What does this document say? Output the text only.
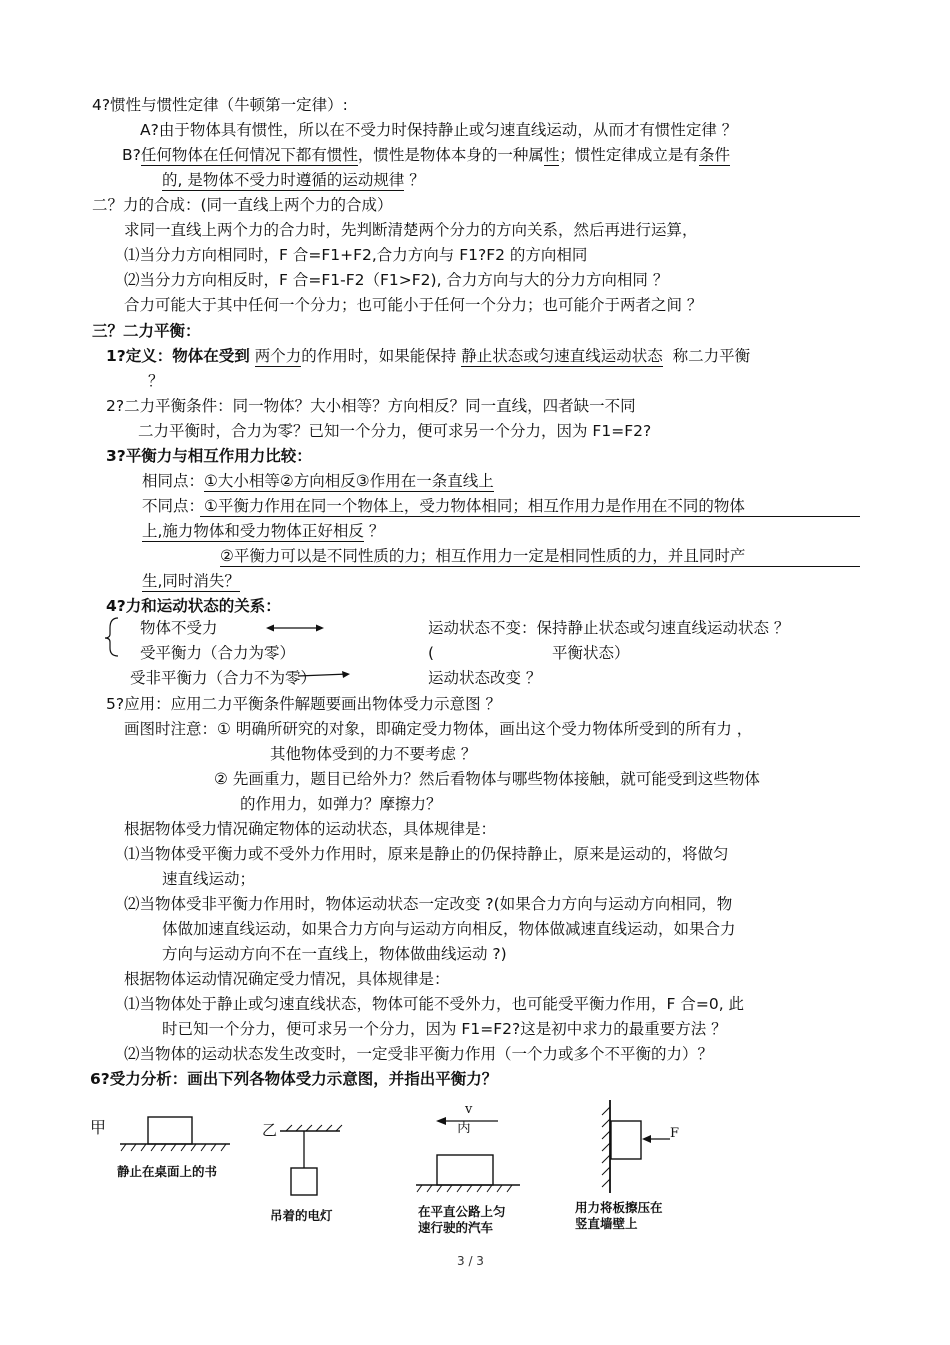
4?惯性与惯性定律（牛顿第一定律）:
A?由于物体具有惯性，所以在不受力时保持静止或匀速直线运动，从而才有惯性定律 ？
B?任何物体在任何情况下都有惯性，惯性是物体本身的一种属性；惯性定律成立是有条件
的, 是物体不受力时遵循的运动规律 ？
二？力的合成：(同一直线上两个力的合成）
求同一直线上两个力的合力时，先判断清楚两个分力的方向关系，然后再进行运算，
⑴当分力方向相同时，F 合=F1+F2,合力方向与 F1?F2 的方向相同
⑵当分力方向相反时，F 合=F1-F2（F1>F2), 合力方向与大的分力方向相同 ？
合力可能大于其中任何一个分力；也可能小于任何一个分力；也可能介于两者之间 ？
三？二力平衡：
1?定义：物体在受到 两个力的作用时，如果能保持 静止状态或匀速直线运动状态 称二力平衡
？
2?二力平衡条件：同一物体？大小相等？方向相反？同一直线，四者缺一不同
二力平衡时，合力为零？已知一个分力，便可求另一个分力，因为 F1=F2?
3?平衡力与相互作用力比较：
相同点：①大小相等②方向相反③作用在一条直线上
不同点：①平衡力作用在同一个物体上，受力物体相同；相互作用力是作用在不同的物体
上,施力物体和受力物体正好相反 ？
②平衡力可以是不同性质的力；相互作用力一定是相同性质的力，并且同时产
生,同时消失？
4?力和运动状态的关系：
物体不受力	运动状态不变：保持静止状态或匀速直线运动状态 ？
受平衡力（合力为零）	(	平衡状态）
受非平衡力（合力不为零）	运动状态改变 ？
5?应用：应用二力平衡条件解题要画出物体受力示意图 ？
画图时注意：① 明确所研究的对象，即确定受力物体，画出这个受力物体所受到的所有力 ，
其他物体受到的力不要考虑 ？
② 先画重力，题目已给外力？然后看物体与哪些物体接触，就可能受到这些物体
的作用力，如弹力？摩擦力？
根据物体受力情况确定物体的运动状态，具体规律是：
⑴当物体受平衡力或不受外力作用时，原来是静止的仍保持静止，原来是运动的，将做匀
速直线运动；
⑵当物体受非平衡力作用时，物体运动状态一定改变 ?(如果合力方向与运动方向相同，物
体做加速直线运动，如果合力方向与运动方向相反，物体做减速直线运动，如果合力
方向与运动方向不在一直线上，物体做曲线运动 ?)
根据物体运动情况确定受力情况，具体规律是：
⑴当物体处于静止或匀速直线状态，物体可能不受外力，也可能受平衡力作用，F 合=0, 此
时已知一个分力，便可求另一个分力，因为 F1=F2?这是初中求力的最重要方法 ？
⑵当物体的运动状态发生改变时，一定受非平衡力作用（一个力或多个不平衡的力）？
6?受力分析：画出下列各物体受力示意图，并指出平衡力？
甲	乙	丙
v
F
静止在桌面上的书
吊着的电灯	在平直公路上匀
速行驶的汽车
用力将板擦压在
竖直墙壁上
3 / 3
